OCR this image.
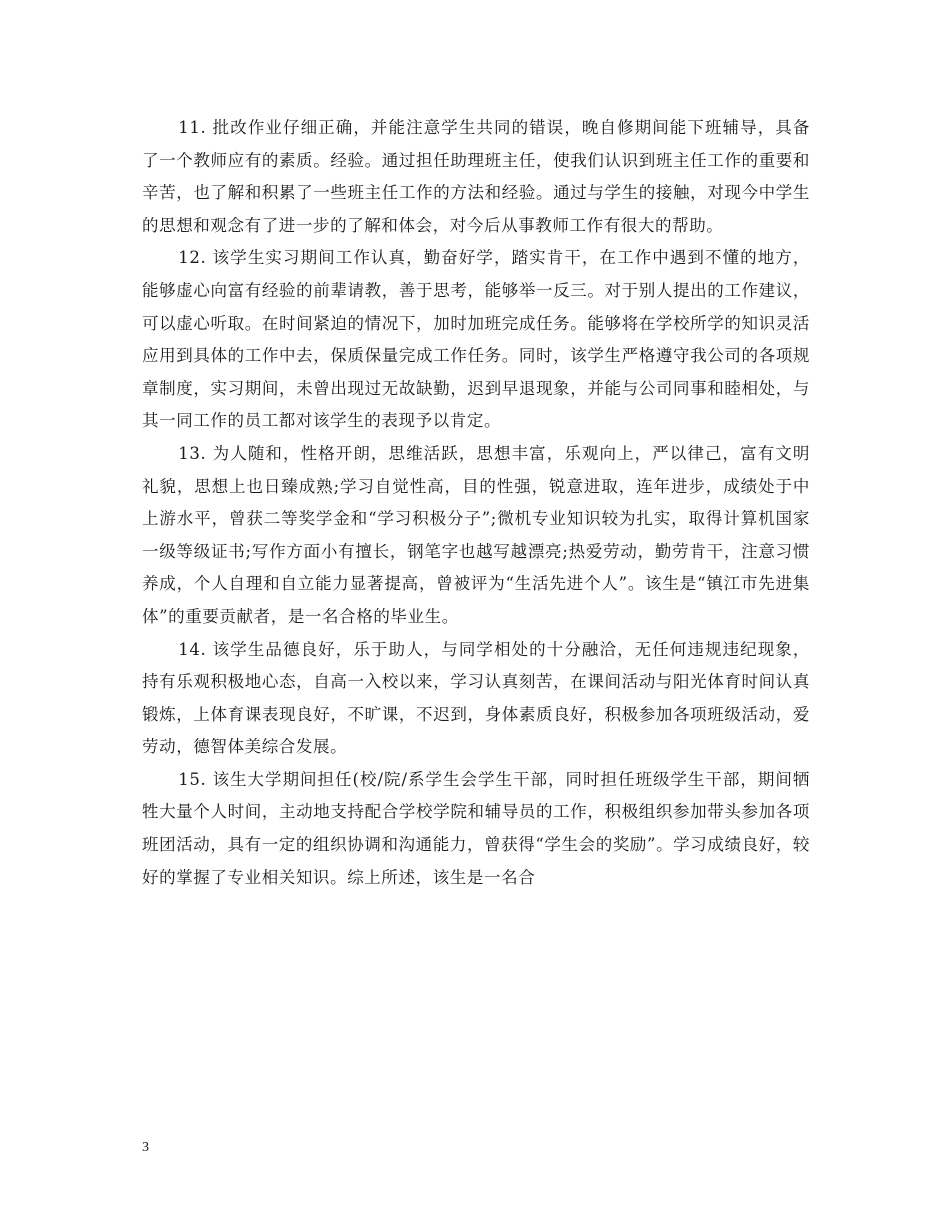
11. 批改作业仔细正确，并能注意学生共同的错误，晚自修期间能下班辅导，具备了一个教师应有的素质。经验。通过担任助理班主任，使我们认识到班主任工作的重要和辛苦，也了解和积累了一些班主任工作的方法和经验。通过与学生的接触，对现今中学生的思想和观念有了进一步的了解和体会，对今后从事教师工作有很大的帮助。

12. 该学生实习期间工作认真，勤奋好学，踏实肯干，在工作中遇到不懂的地方，能够虚心向富有经验的前辈请教，善于思考，能够举一反三。对于别人提出的工作建议，可以虚心听取。在时间紧迫的情况下，加时加班完成任务。能够将在学校所学的知识灵活应用到具体的工作中去，保质保量完成工作任务。同时，该学生严格遵守我公司的各项规章制度，实习期间，未曾出现过无故缺勤，迟到早退现象，并能与公司同事和睦相处，与其一同工作的员工都对该学生的表现予以肯定。

13. 为人随和，性格开朗，思维活跃，思想丰富，乐观向上，严以律己，富有文明礼貌，思想上也日臻成熟;学习自觉性高，目的性强，锐意进取，连年进步，成绩处于中上游水平，曾获二等奖学金和“学习积极分子”;微机专业知识较为扎实，取得计算机国家一级等级证书;写作方面小有擅长，钢笔字也越写越漂亮;热爱劳动，勤劳肯干，注意习惯养成，个人自理和自立能力显著提高，曾被评为“生活先进个人”。该生是“镇江市先进集体”的重要贡献者，是一名合格的毕业生。

14. 该学生品德良好，乐于助人，与同学相处的十分融洽，无任何违规违纪现象，持有乐观积极地心态，自高一入校以来，学习认真刻苦，在课间活动与阳光体育时间认真锻炼，上体育课表现良好，不旷课，不迟到，身体素质良好，积极参加各项班级活动，爱劳动，德智体美综合发展。

15. 该生大学期间担任(校/院/系学生会学生干部，同时担任班级学生干部，期间牺牲大量个人时间，主动地支持配合学校学院和辅导员的工作，积极组织参加带头参加各项班团活动，具有一定的组织协调和沟通能力，曾获得“学生会的奖励”。学习成绩良好，较好的掌握了专业相关知识。综上所述，该生是一名合

3
